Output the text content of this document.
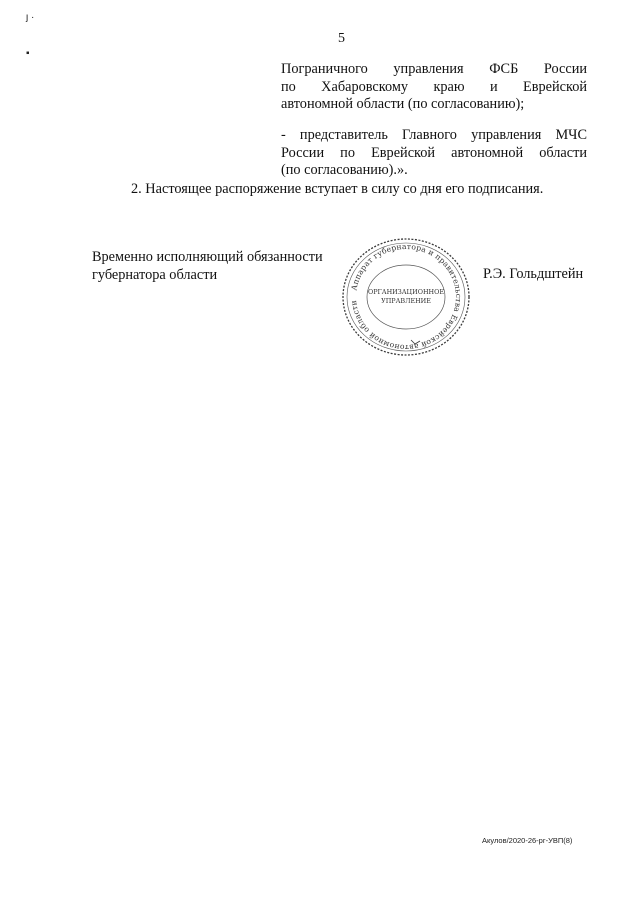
ȷ ·
▪
5
Пограничного управления ФСБ России
по Хабаровскому краю и Еврейской
автономной области (по согласованию);
- представитель Главного управления МЧС
России по Еврейской автономной области
(по согласованию).».
2. Настоящее распоряжение вступает в силу со дня его подписания.
Временно исполняющий обязанности
губернатора области
Аппарат губернатора и правительства Еврейской автономной области
ОРГАНИЗАЦИОННОЕ
УПРАВЛЕНИЕ
Р.Э. Гольдштейн
Акулов/2020-26-рг-УВП(8)
